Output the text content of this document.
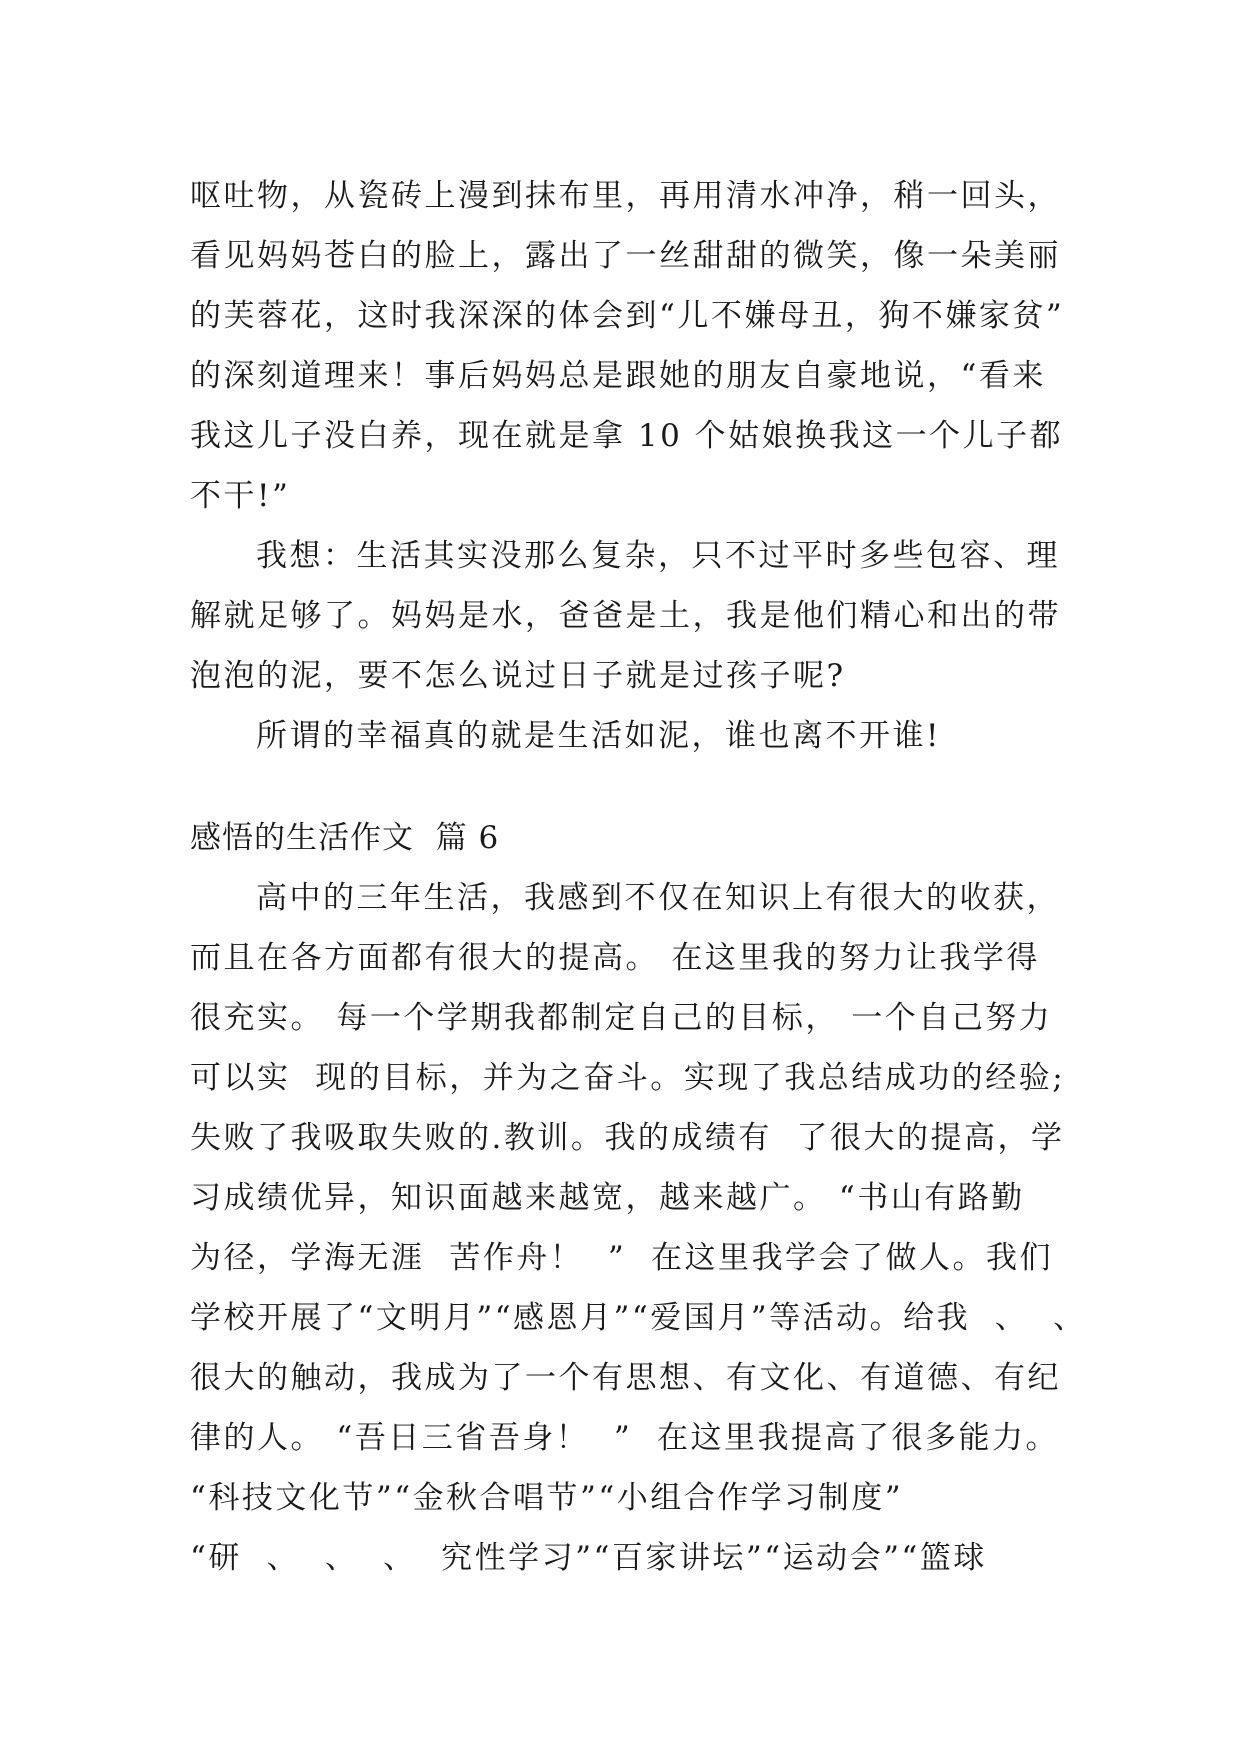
呕吐物，从瓷砖上漫到抹布里，再用清水冲净，稍一回头，
看见妈妈苍白的脸上，露出了一丝甜甜的微笑，像一朵美丽
的芙蓉花，这时我深深的体会到“儿不嫌母丑，狗不嫌家贫”
的深刻道理来！事后妈妈总是跟她的朋友自豪地说，“看来
我这儿子没白养，现在就是拿 10 个姑娘换我这一个儿子都
不干!”
我想：生活其实没那么复杂，只不过平时多些包容、理
解就足够了。妈妈是水，爸爸是土，我是他们精心和出的带
泡泡的泥，要不怎么说过日子就是过孩子呢?
所谓的幸福真的就是生活如泥，谁也离不开谁!
感悟的生活作文  篇 6
高中的三年生活，我感到不仅在知识上有很大的收获，
而且在各方面都有很大的提高。 在这里我的努力让我学得
很充实。 每一个学期我都制定自己的目标， 一个自己努力
可以实  现的目标，并为之奋斗。实现了我总结成功的经验;
失败了我吸取失败的.教训。我的成绩有  了很大的提高，学
习成绩优异，知识面越来越宽，越来越广。 “书山有路勤
为径，学海无涯  苦作舟！  ”  在这里我学会了做人。我们
学校开展了“文明月”“感恩月”“爱国月”等活动。给我  、  、
很大的触动，我成为了一个有思想、有文化、有道德、有纪
律的人。 “吾日三省吾身！  ”  在这里我提高了很多能力。
“科技文化节”“金秋合唱节”“小组合作学习制度”
“研  、  、  、  究性学习”“百家讲坛”“运动会”“篮球
